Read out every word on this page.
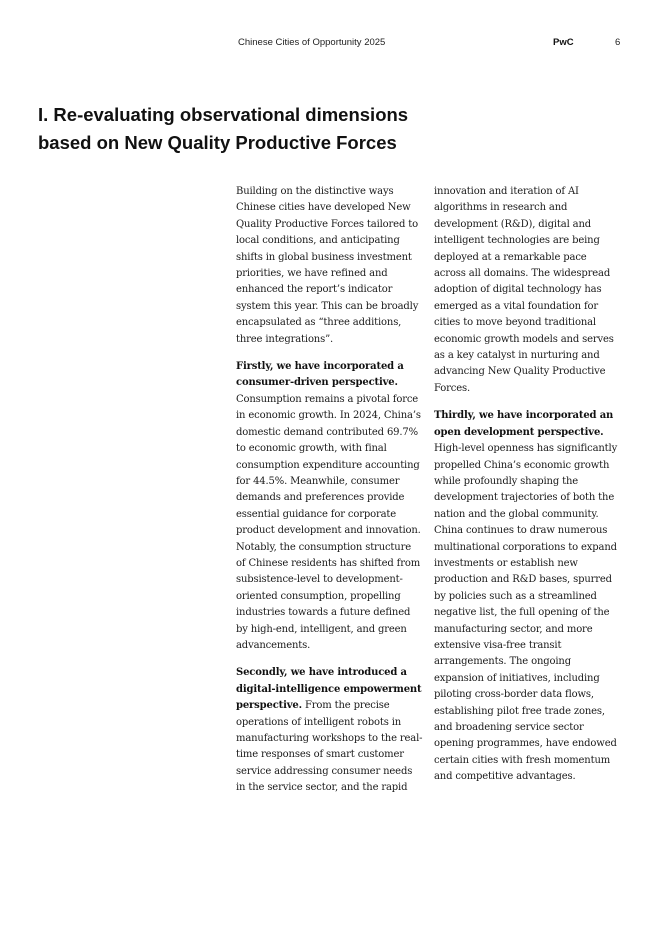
Chinese Cities of Opportunity 2025	PwC	6
I. Re-evaluating observational dimensions based on New Quality Productive Forces

Building on the distinctive ways Chinese cities have developed New Quality Productive Forces tailored to local conditions, and anticipating shifts in global business investment priorities, we have refined and enhanced the report’s indicator system this year. This can be broadly encapsulated as “three additions, three integrations”.

Firstly, we have incorporated a consumer-driven perspective. Consumption remains a pivotal force in economic growth. In 2024, China’s domestic demand contributed 69.7% to economic growth, with final consumption expenditure accounting for 44.5%. Meanwhile, consumer demands and preferences provide essential guidance for corporate product development and innovation. Notably, the consumption structure of Chinese residents has shifted from subsistence-level to development-oriented consumption, propelling industries towards a future defined by high-end, intelligent, and green advancements.

Secondly, we have introduced a digital-intelligence empowerment perspective. From the precise operations of intelligent robots in manufacturing workshops to the real-time responses of smart customer service addressing consumer needs in the service sector, and the rapid

innovation and iteration of AI algorithms in research and development (R&D), digital and intelligent technologies are being deployed at a remarkable pace across all domains. The widespread adoption of digital technology has emerged as a vital foundation for cities to move beyond traditional economic growth models and serves as a key catalyst in nurturing and advancing New Quality Productive Forces.

Thirdly, we have incorporated an open development perspective. High-level openness has significantly propelled China’s economic growth while profoundly shaping the development trajectories of both the nation and the global community. China continues to draw numerous multinational corporations to expand investments or establish new production and R&D bases, spurred by policies such as a streamlined negative list, the full opening of the manufacturing sector, and more extensive visa-free transit arrangements. The ongoing expansion of initiatives, including piloting cross-border data flows, establishing pilot free trade zones, and broadening service sector opening programmes, have endowed certain cities with fresh momentum and competitive advantages.
